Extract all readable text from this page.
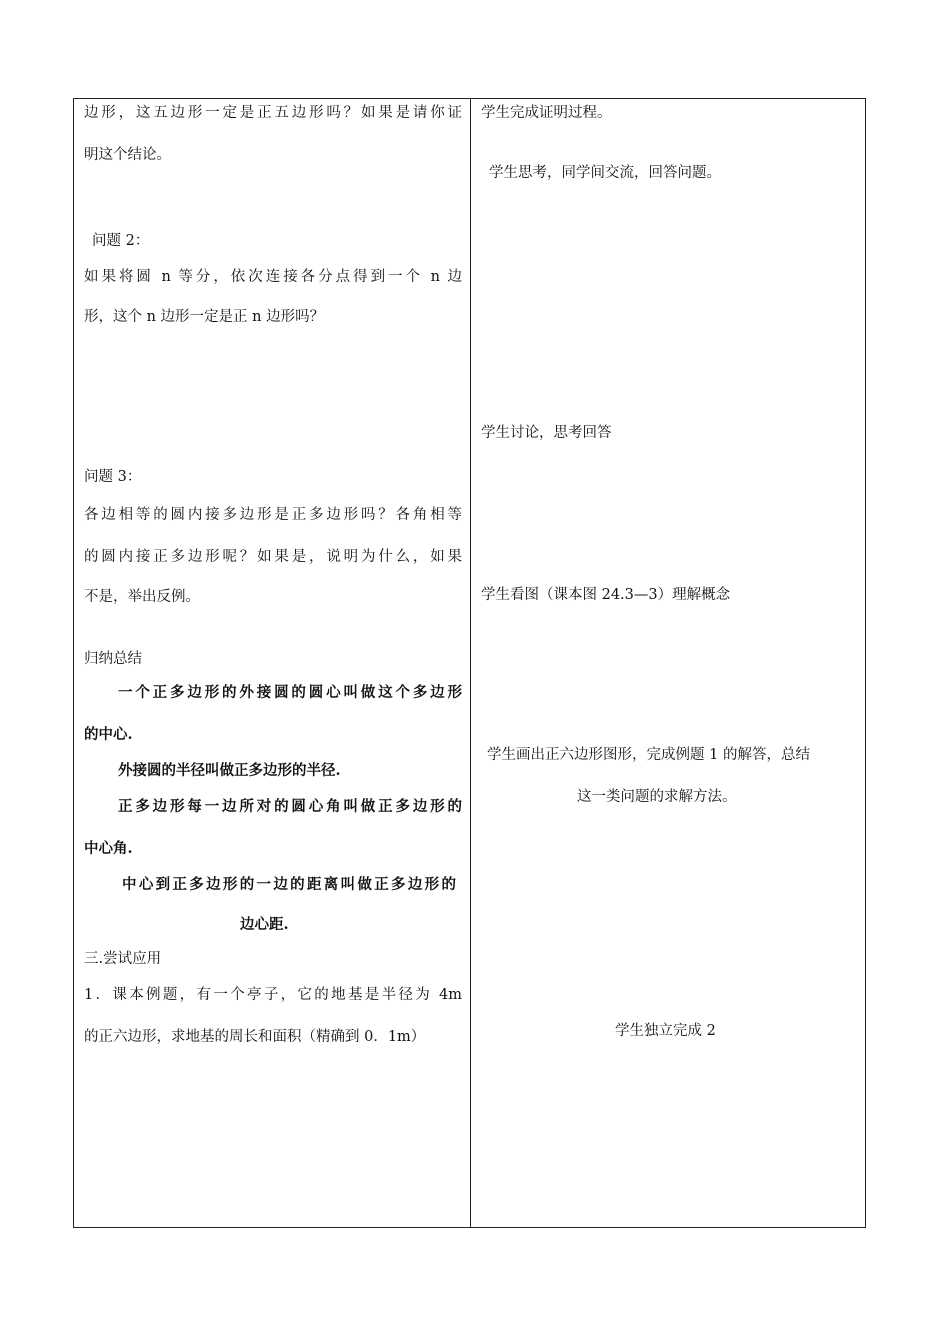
边形，这五边形一定是正五边形吗？如果是请你证
明这个结论。
问题 2：
如果将圆 n 等分，依次连接各分点得到一个 n 边
形，这个 n 边形一定是正 n 边形吗？
问题 3：
各边相等的圆内接多边形是正多边形吗？各角相等
的圆内接正多边形呢？如果是，说明为什么，如果
不是，举出反例。
归纳总结
一个正多边形的外接圆的圆心叫做这个多边形
的中心.
外接圆的半径叫做正多边形的半径.
正多边形每一边所对的圆心角叫做正多边形的
中心角.
中心到正多边形的一边的距离叫做正多边形的
边心距.
三.尝试应用
1．课本例题，有一个亭子，它的地基是半径为 4m
的正六边形，求地基的周长和面积（精确到 0．1m）
学生完成证明过程。
学生思考，同学间交流，回答问题。
学生讨论，思考回答
学生看图（课本图 24.3—3）理解概念
学生画出正六边形图形，完成例题 1 的解答，总结
这一类问题的求解方法。
学生独立完成 2
